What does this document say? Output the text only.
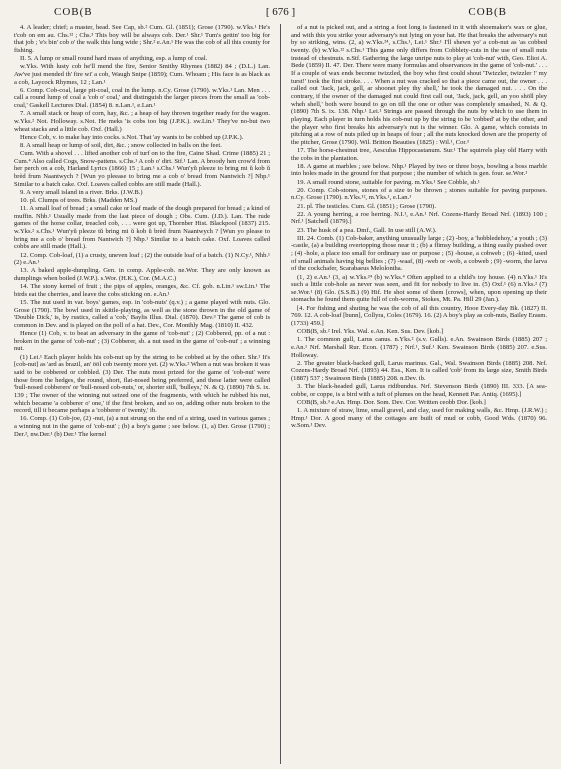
COB(B	[ 676 ]	COB(B

4. A leader; chief; a master, head. See Cap, sb.² Cum. Gl. (1851); Grose (1790). w.Yks.¹ He's t'cob on em au. Chs.¹² ; Chs.³ This boy will be always cob. Der.¹ Shr.¹ Tum's gettin' too big for that job ; 'e's bin' cob o' the walk this lung wide ; Shr.² e.An.¹ He was the cob of all this county for fishing.

II. 5. A lump or small round hard mass of anything, esp. a lump of coal.

w.Yks. With lusty cob he'll mend the fire, Senior Smithy Rhymes (1882) 84 ; (D.L.) Lan. Aw've just mended th' fire wi' a cob, Waugh Snipe (1859); Cum. Whoam ; His face is as black as a cob, Laycock Rhymes, 12 ; Lan.¹

6. Comp. Cob-coal, large pit-coal, coal in the lump. n.Cy. Grose (1790). w.Yks.¹ Lan. Men . . . call a round lump of coal a 'cob o' coal,' and distinguish the larger pieces from the small as 'cob-coal,' Gaskell Lectures Dial. (1854) 8. n.Lan.¹, e.Lan.¹

7. A small stack or heap of corn, hay, &c. ; a heap of hay thrown together ready for the wagon. w.Yks.² Not. Holloway. s.Not. He meks 'is cobs too big (J.P.K.). sw.Lin.¹ They've no-but two wheat stacks and a little cob. Oxf. (Hall.)

Hence Cob, v. to make hay into cocks. s.Not. That 'ay wants to be cobbed up (J.P.K.).

8. A small heap or lump of soil, dirt, &c. ; snow collected in balls on the feet.

Cum. With a shovel . . . lifted another cob of turf on to the fire, Caine Shad. Crime (1885) 21 ; Cum.⁴ Also called Cogs, Snow-pattens. s.Chs.¹ A cob o' dirt. Stf.¹ Lan. A broody hen crow'd from her perch on a cob, Harland Lyrics (1866) 15 ; Lan.¹ s.Chs.¹ Wun'yŭ pleeze to bring mi ŭ kob ŭ brèd frum Naantwych ? [Wun yo pleease to bring me a cob o' bread from Nantwich ?] Nhp.¹ Similar to a batch cake. Oxf. Loaves called cobbs are still made (Hall.).

9. A very small island in a river. Brks. (J.W.B.)

10. pl. Clumps of trees. Brks. (Madden MS.)

11. A small loaf of bread ; a small cake or loaf made of the dough prepared for bread ; a kind of muffin. Nhb.¹ Usually made from the last piece of dough ; Obs. Cum. (J.D.). Lan. The rude games of the horse collar, treacled cob, . . . were got up, Thornber Hist. Blackpool (1837) 215. w.Yks.² s.Chs.¹ Wun'yŭ pleeze tŭ bring mi ŭ kob ŭ brèd frum Naantwych ? [Wun yo please to bring me a cob o' bread from Nantwich ?] Nhp.¹ Similar to a batch cake. Oxf. Loaves called cobbs are still made (Hall.).

12. Comp. Cob-loaf, (1) a crusty, uneven loaf ; (2) the outside loaf of a batch. (1) N.Cy.¹, Nhb.¹ (2) e.An.¹

13. A baked apple-dumpling. Gen. in comp. Apple-cob. ne.Wor. They are only known as dumplings when boiled (J.W.P.). s.Wor. (H.K.), Cor. (M.A.C.)

14. The stony kernel of fruit ; the pips of apples, oranges, &c. Cf. gob. n.Lin.¹ sw.Lin.¹ The birds eat the cherries, and leave the cobs sticking on. e.An.¹

15. The nut used in var. boys' games, esp. in 'cob-nuts' (q.v.) ; a game played with nuts. Glo. Grose (1790). The bowl used in skittle-playing, as well as the stone thrown in the old game of 'Double Dick,' is, by rustics, called a 'cob,' Baylis Illus. Dial. (1870). Dev.³ The game of cob is common in Dev. and is played on the poll of a hat. Dev., Cor. Monthly Mag. (1810) II. 432.

Hence (1) Cob, v. to beat an adversary in the game of 'cob-nut' ; (2) Cobbered, pp. of a nut : broken in the game of 'cob-nut' ; (3) Cobberer, sb. a nut used in the game of 'cob-nut' ; a winning nut.

(1) Lei.¹ Each player holds his cob-nut up by the string to be cobbed at by the other. Shr.¹ It's [cob-nut] as 'ard as brazil, an' ööl cob twenty more yet. (2) w.Yks.² When a nut was broken it was said to be cobbered or cobbled. (3) Der. The nuts most prized for the game of 'cob-nut' were those from the hedges, the round, short, flat-nosed being preferred, and these latter were called 'bull-nosed cobberers' or 'bull-nosed cob-nuts,' or, shorter still, 'bulleys,' N. & Q. (1890) 7th S. ix. 139 ; The owner of the winning nut seized one of the fragments, with which he rubbed his nut, which became 'a cobberer o' one,' if the first broken, and so on, adding other nuts broken to the record, till it became perhaps a 'cobberer o' twenty,' ib.

16. Comp. (1) Cob-joe, (2) -nut, (a) a nut strung on the end of a string, used in various games ; a winning nut in the game of 'cob-nut' ; (b) a boy's game ; see below. (1, a) Der. Grose (1790) ; Der.², nw.Der.¹ (b) Der.¹ The kernel

of a nut is picked out, and a string a foot long is fastened in it with shoemaker's wax or glue, and with this you strike your adversary's nut lying on your hat. He that breaks the adversary's nut by so striking, wins. (2, a) w.Yks.²⁴, s.Chs.¹, Lei.¹ Shr.¹ I'll shewn yo' a cob-nut as 'as cobbed twenty. (b) w.Yks.¹² s.Chs.¹ This game only differs from Cobblety-cuts in the use of small nuts instead of chestnuts. n.Stf. Gathering the large unripe nuts to play at 'cob-nut' with, Geo. Eliot A. Bede (1859) II. 47. Der. There were many formulas and observances in the game of 'cob-nut.' . . . If a couple of wax ends become twizzled, the boy who first could shout 'Twizzler, twizzler !' my turst!' took the first stroke. . . . When a nut was cracked so that a piece came out, the owner . . . called out 'Jack, jack, gell, ar shoonet pley thy shell,' he took the damaged nut. . . . On the contrary, if the owner of the damaged nut could first call out, 'Jack, jack, gell, an yoo shöll pley wheh shell,' both were bound to go on till the one or other was completely smashed, N. & Q. (1890) 7th S. ix. 138. Nhp.¹ Lei.¹ Strings are passed through the nuts by which to use them in playing. Each player in turn holds his cob-nut up by the string to be 'cobbed' at by the other, and the player who first breaks his adversary's nut is the winner. Glo. A game, which consists in pitching at a row of nuts piled up in heaps of four ; all the nuts knocked down are the property of the pitcher, Grose (1790). Wil. Britton Beauties (1825) : Wil.¹, Cor.³

17. The horse-chestnut tree, Aesculus Hippocastanum. Sur.¹ The squirrels play old Harry with the cobs in the plantation.

18. A game at marbles ; see below. Nhp.¹ Played by two or three boys, bowling a boss marble into holes made in the ground for that purpose ; the number of which is gen. four. se.Wor.¹

19. A small round stone, suitable for paving. m.Yks.¹ See Cobble, sb.¹

20. Comp. Cob-stones, stones of a size to be thrown ; stones suitable for paving purposes. n.Cy. Grose (1790). n.Yks.¹², m.Yks.¹, e.Lan.¹

21. pl. The testicles. Cum. Gl. (1851) ; Grose (1790).

22. A young herring, a roe herring. N.I.¹, e.An.¹ Nrf. Cozens-Hardy Broad Nrf. (1893) 100 ; Nrf.¹ [Satchell (1879).]

23. The husk of a pea. Dmf., Gall. In use still (A.W.).

III. 24. Comb. (1) Cob-baker, anything unusually large ; (2) -boy, a 'hobbledehoy,' a youth ; (3) -castle, (a) a building overtopping those near it ; (b) a flimsy building, a thing easily pushed over ; (4) -hole, a place too small for ordinary use or purpose ; (5) -house, a cobweb ; (6) -kited, used of small animals having big bellies ; (7) -waaf, (8) -web or -wob, a cobweb ; (9) -worm, the larva of the cockchafer, Scarabaeus Melolontha.

(1, 2) e.An.¹ (3, a) w.Yks.²⁴ (b) w.Yks.⁴ Often applied to a child's toy house. (4) n.Yks.¹ It's such a little cob-hole as never was seen, and fit for nobody to live in. (5) Oxf.¹ (6) n.Yks.² (7) se.Wor.¹ (8) Glo. (S.S.B.) (9) Hif. He shot some of them [crows], when, upon opening up their stomachs he found them quite full of cob-worms, Stokes, Mt. Pa. Hill 29 (Jan.).

[4. For fishing and shuting he was the cob of all this country, Hooe Every-day Bk. (1827) II. 769. 12. A cob-loaf [bunn], Collyra, Coles (1679). 16. (2) A boy's play as cob-nuts, Bailey Erasm. (1733) 459.]

COB(B, sb.² Irel. Yks. Wal. e.An. Ken. Sus. Dev. [kob.]

1. The common gull, Larus canus. n.Yks.² (s.v. Gulls). e.An. Swainson Birds (1885) 207 ; e.An.¹ Nrf. Marshall Rur. Econ. (1787) ; Nrf.¹, Suf.¹ Ken. Swainson Birds (1885) 207. e.Sus. Holloway.

2. The greater black-backed gull, Larus marinus. Gal., Wal. Swainson Birds (1885) 208. Nrf. Cozens-Hardy Broad Nrf. (1893) 44. Ess., Ken. It is called 'cob' from its large size, Smith Birds (1887) 537 ; Swainson Birds (1885) 208. n.Dev. ib.

3. The black-headed gull, Larus ridibundus. Nrf. Stevenson Birds (1890) III. 333. [A sea-cobbe, or coppe, is a bird with a tuft of plumes on the head, Kennett Par. Antiq. (1695).]

COB(B, sb.³ e.An. Hmp. Dor. Som. Dev. Cor. Written ceobb Dor. [kob.]

1. A mixture of straw, lime, small gravel, and clay, used for making walls, &c. Hmp. (J.R.W.) ; Hmp.¹ Dor. A good many of the cottages are built of mud or cobb, Good Wds. (1870) 96. w.Som.¹ Dev.
